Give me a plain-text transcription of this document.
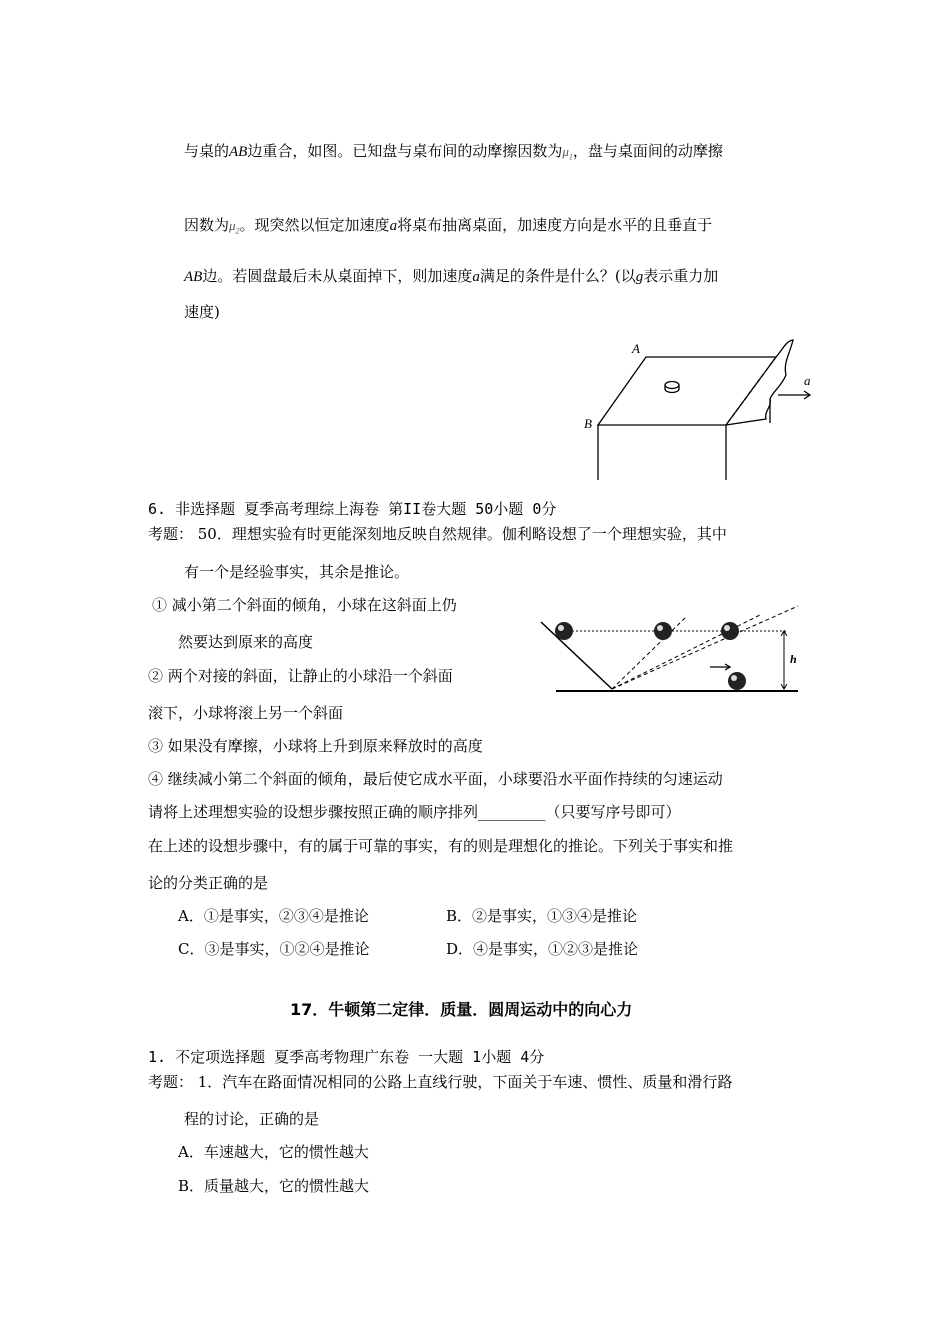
与桌的AB边重合，如图。已知盘与桌布间的动摩擦因数为$\mu_1$，盘与桌面间的动摩擦
因数为$\mu_2$。现突然以恒定加速度a将桌布抽离桌面，加速度方向是水平的且垂直于
AB边。若圆盘最后未从桌面掉下，则加速度a满足的条件是什么？(以g表示重力加
速度)
A
B
a
6. 非选择题 夏季高考理综上海卷 第II卷大题 50小题 0分
考题： 50．理想实验有时更能深刻地反映自然规律。伽利略设想了一个理想实验，其中
有一个是经验事实，其余是推论。
① 减小第二个斜面的倾角，小球在这斜面上仍
然要达到原来的高度
② 两个对接的斜面，让静止的小球沿一个斜面
滚下，小球将滚上另一个斜面
③ 如果没有摩擦，小球将上升到原来释放时的高度
④ 继续减小第二个斜面的倾角，最后使它成水平面，小球要沿水平面作持续的匀速运动
请将上述理想实验的设想步骤按照正确的顺序排列_________（只要写序号即可）
在上述的设想步骤中，有的属于可靠的事实，有的则是理想化的推论。下列关于事实和推
论的分类正确的是
A．①是事实，②③④是推论	B．②是事实，①③④是推论
C．③是事实，①②④是推论	D．④是事实，①②③是推论
h
17．牛顿第二定律．质量．圆周运动中的向心力
1. 不定项选择题 夏季高考物理广东卷 一大题 1小题 4分
考题： 1．汽车在路面情况相同的公路上直线行驶，下面关于车速、惯性、质量和滑行路
程的讨论，正确的是
A．车速越大，它的惯性越大
B．质量越大，它的惯性越大
